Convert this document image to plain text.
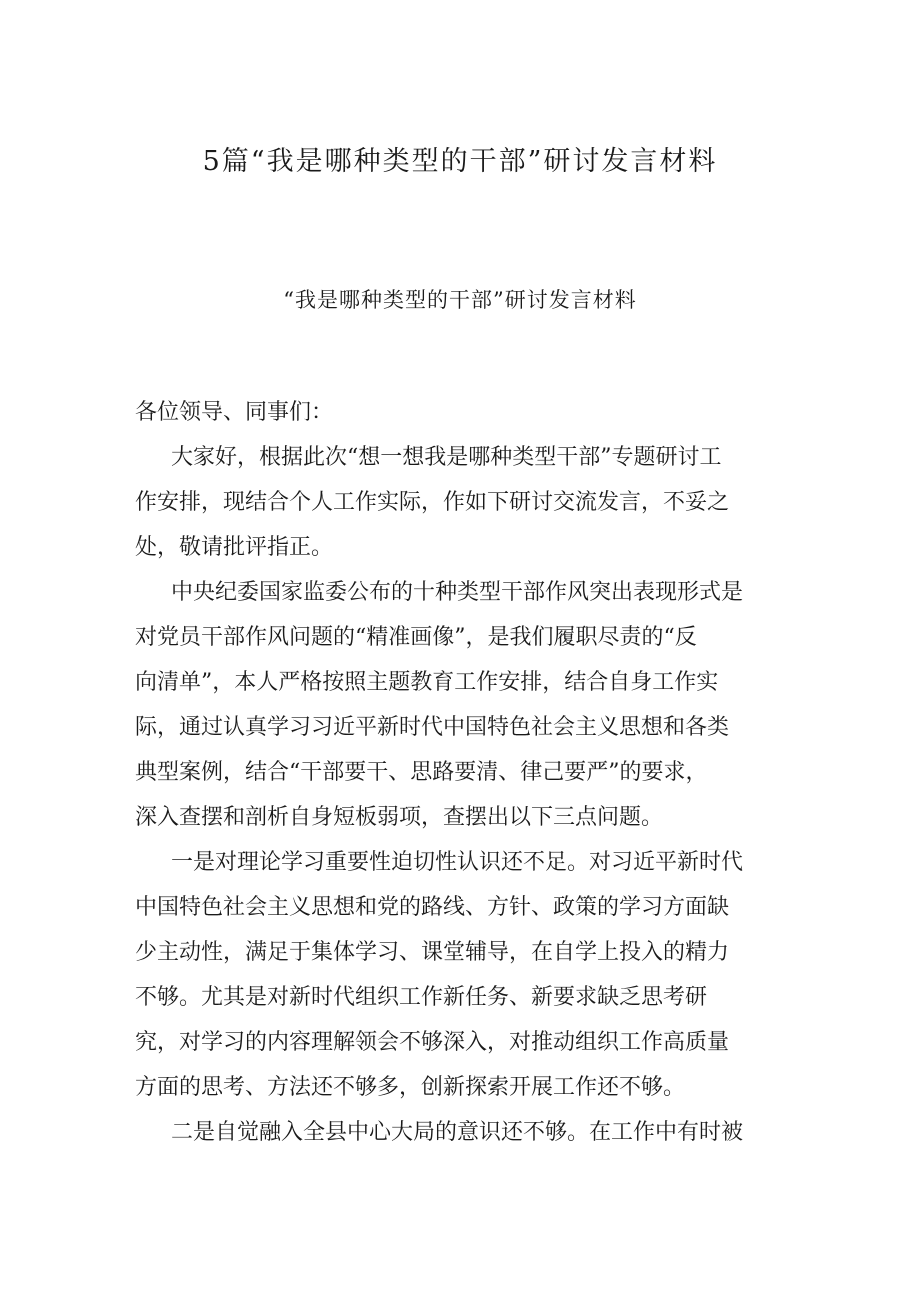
5篇“我是哪种类型的干部”研讨发言材料
“我是哪种类型的干部”研讨发言材料
各位领导、同事们：
大家好，根据此次“想一想我是哪种类型干部”专题研讨工
作安排，现结合个人工作实际，作如下研讨交流发言，不妥之
处，敬请批评指正。
中央纪委国家监委公布的十种类型干部作风突出表现形式是
对党员干部作风问题的“精准画像”，是我们履职尽责的“反
向清单”，本人严格按照主题教育工作安排，结合自身工作实
际，通过认真学习习近平新时代中国特色社会主义思想和各类
典型案例，结合“干部要干、思路要清、律己要严”的要求，
深入查摆和剖析自身短板弱项，查摆出以下三点问题。
一是对理论学习重要性迫切性认识还不足。对习近平新时代
中国特色社会主义思想和党的路线、方针、政策的学习方面缺
少主动性，满足于集体学习、课堂辅导，在自学上投入的精力
不够。尤其是对新时代组织工作新任务、新要求缺乏思考研
究，对学习的内容理解领会不够深入，对推动组织工作高质量
方面的思考、方法还不够多，创新探索开展工作还不够。
二是自觉融入全县中心大局的意识还不够。在工作中有时被
